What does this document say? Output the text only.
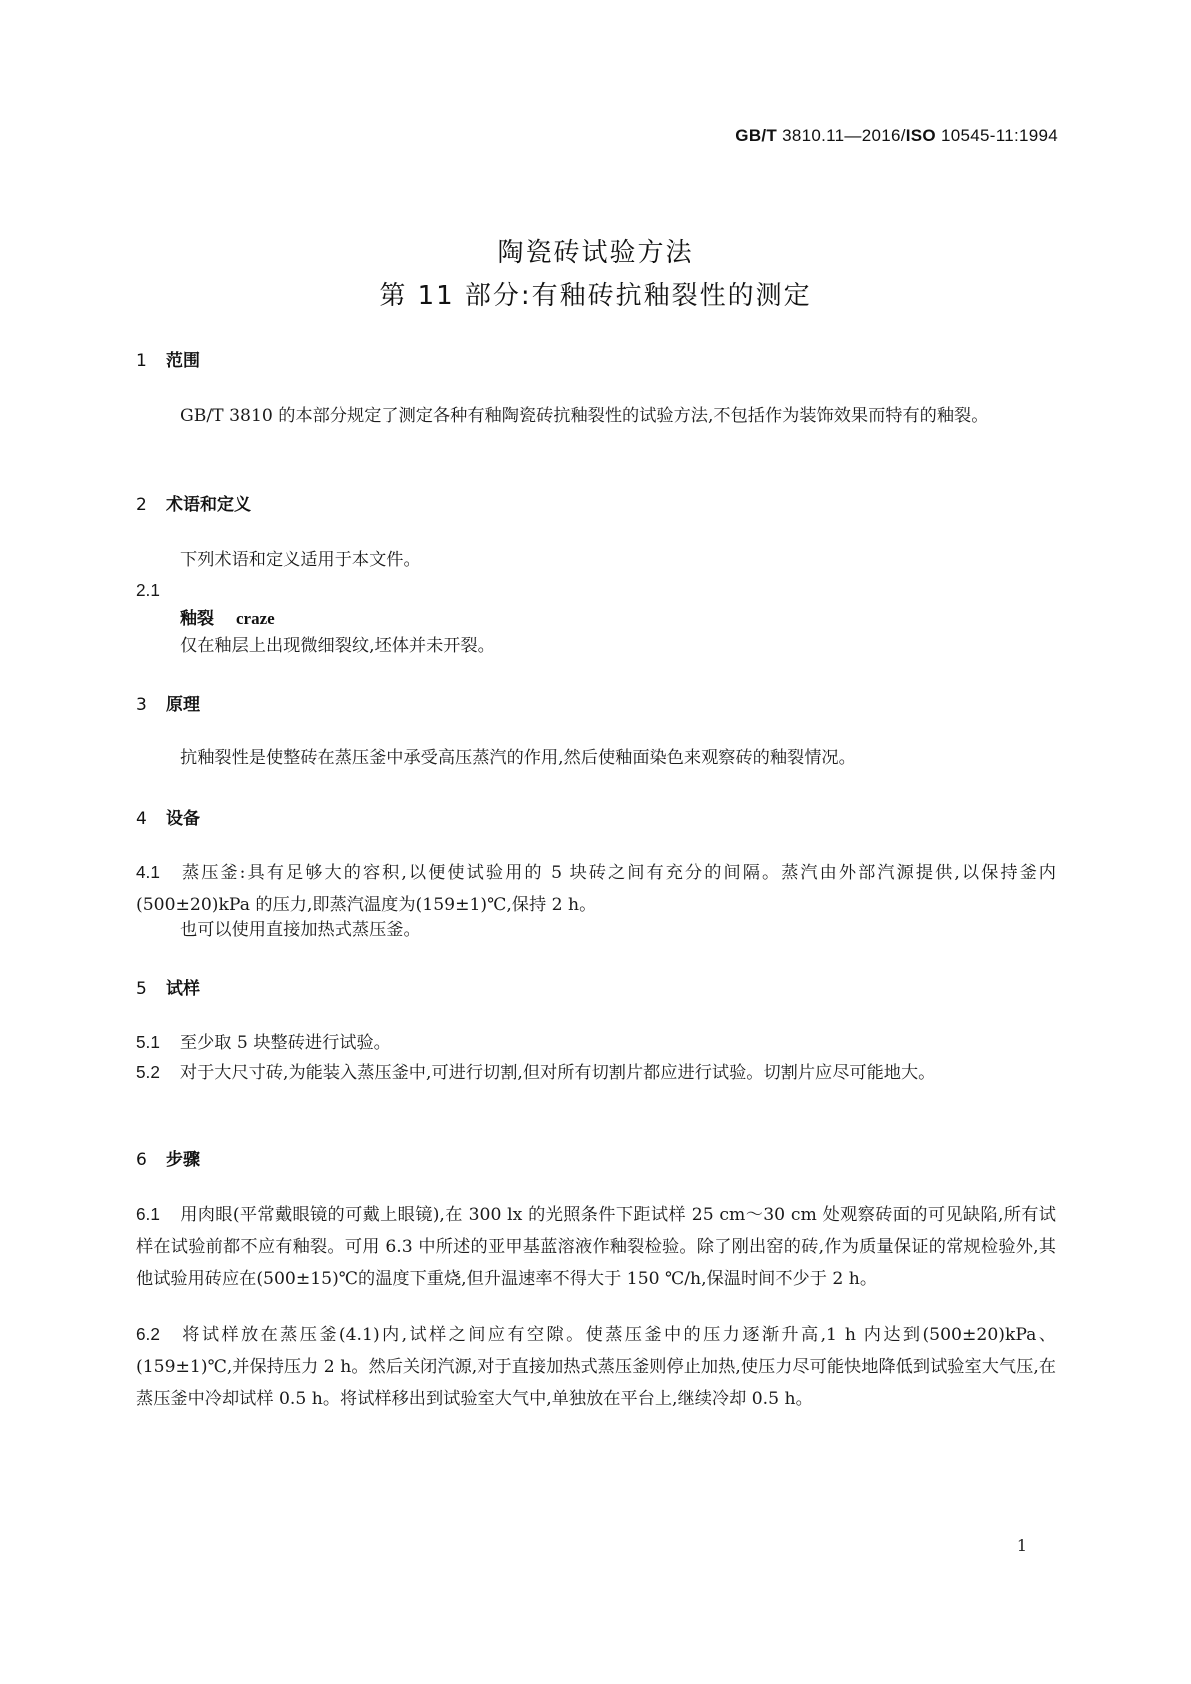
GB/T 3810.11—2016/ISO 10545-11:1994
陶瓷砖试验方法
第 11 部分:有釉砖抗釉裂性的测定
1 范围
GB/T 3810 的本部分规定了测定各种有釉陶瓷砖抗釉裂性的试验方法,不包括作为装饰效果而特有的釉裂。
2 术语和定义
下列术语和定义适用于本文件。
2.1
釉裂 craze
仅在釉层上出现微细裂纹,坯体并未开裂。
3 原理
抗釉裂性是使整砖在蒸压釜中承受高压蒸汽的作用,然后使釉面染色来观察砖的釉裂情况。
4 设备
4.1 蒸压釜:具有足够大的容积,以便使试验用的 5 块砖之间有充分的间隔。蒸汽由外部汽源提供,以保持釜内(500±20)kPa 的压力,即蒸汽温度为(159±1)℃,保持 2 h。
也可以使用直接加热式蒸压釜。
5 试样
5.1 至少取 5 块整砖进行试验。
5.2 对于大尺寸砖,为能装入蒸压釜中,可进行切割,但对所有切割片都应进行试验。切割片应尽可能地大。
6 步骤
6.1 用肉眼(平常戴眼镜的可戴上眼镜),在 300 lx 的光照条件下距试样 25 cm～30 cm 处观察砖面的可见缺陷,所有试样在试验前都不应有釉裂。可用 6.3 中所述的亚甲基蓝溶液作釉裂检验。除了刚出窑的砖,作为质量保证的常规检验外,其他试验用砖应在(500±15)℃的温度下重烧,但升温速率不得大于 150 ℃/h,保温时间不少于 2 h。
6.2 将试样放在蒸压釜(4.1)内,试样之间应有空隙。使蒸压釜中的压力逐渐升高,1 h 内达到(500±20)kPa、(159±1)℃,并保持压力 2 h。然后关闭汽源,对于直接加热式蒸压釜则停止加热,使压力尽可能快地降低到试验室大气压,在蒸压釜中冷却试样 0.5 h。将试样移出到试验室大气中,单独放在平台上,继续冷却 0.5 h。
1
